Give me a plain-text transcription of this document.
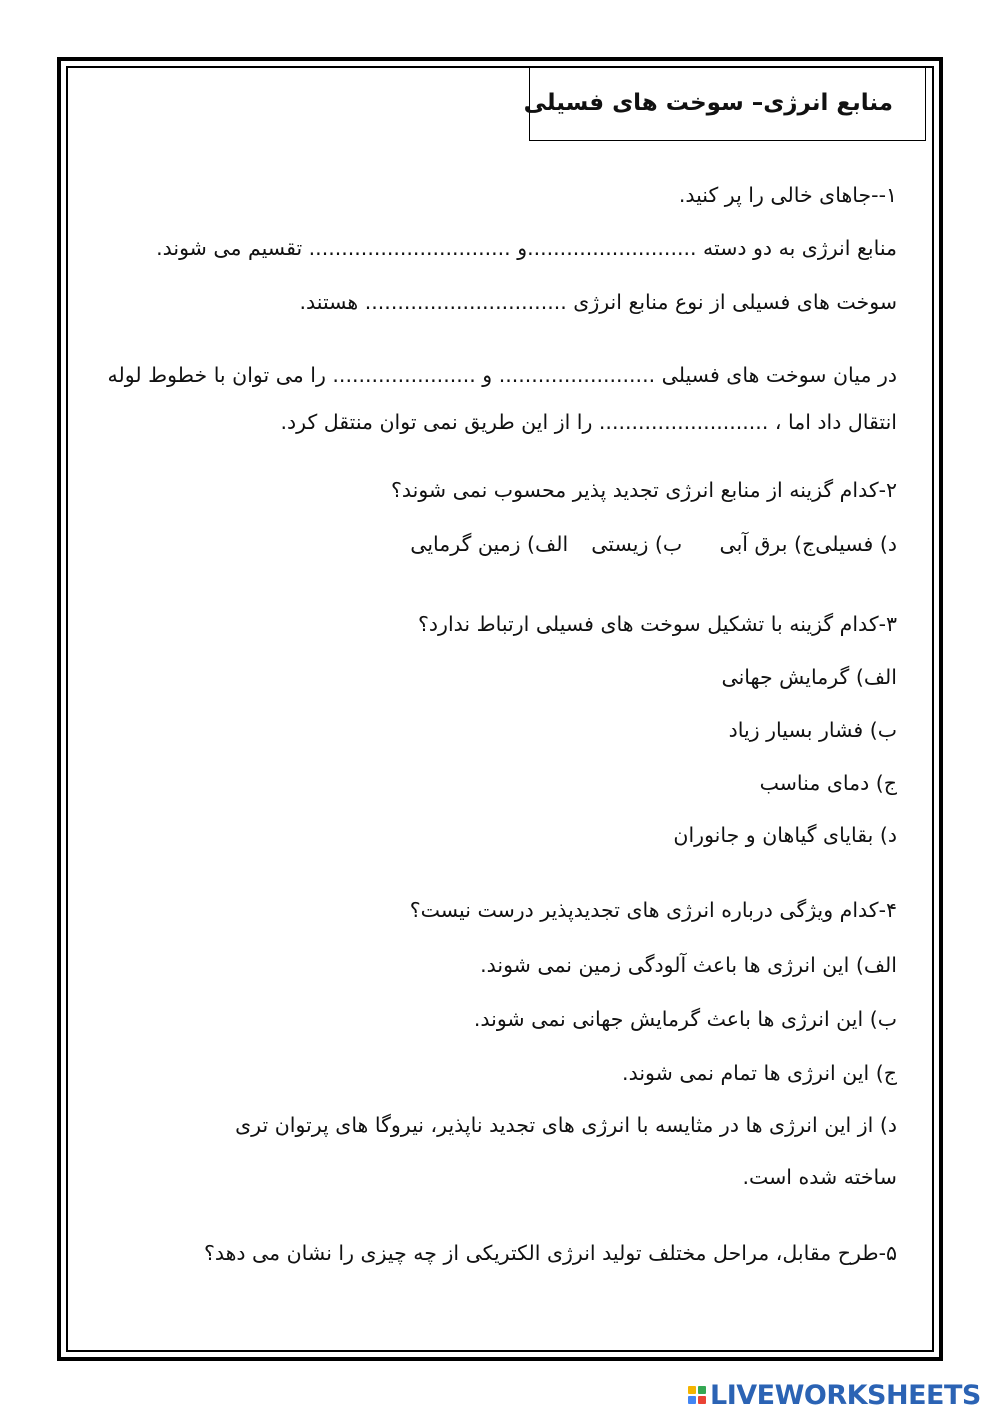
منابع انرژی– سوخت های فسیلی
۱--جاهای خالی را پر کنید.
منابع انرژی به دو دسته ..........................و ............................... تقسیم می شوند.
سوخت های فسیلی از نوع منابع انرژی ............................... هستند.
در میان سوخت های فسیلی ........................ و ...................... را می توان با خطوط لوله
انتقال داد اما ، .......................... را از این طریق نمی توان منتقل کرد.
۲-کدام گزینه از منابع انرژی تجدید پذیر محسوب نمی شوند؟
الف) زمین گرمایی ب) زیستی ج) برق آبید) فسیلی
۳-کدام گزینه با تشکیل سوخت های فسیلی ارتباط ندارد؟
الف) گرمایش جهانی
ب) فشار بسیار زیاد
ج) دمای مناسب
د) بقایای گیاهان و جانوران
۴-کدام ویژگی درباره انرژی های تجدیدپذیر درست نیست؟
الف) این انرژی ها باعث آلودگی زمین نمی شوند.
ب) این انرژی ها باعث گرمایش جهانی نمی شوند.
ج) این انرژی ها تمام نمی شوند.
د) از این انرژی ها در مثایسه با انرژی های تجدید ناپذیر، نیروگا های پرتوان تری
ساخته شده است.
۵-طرح مقابل، مراحل مختلف تولید انرژی الکتریکی از چه چیزی را نشان می دهد؟
LIVEWORKSHEETS
